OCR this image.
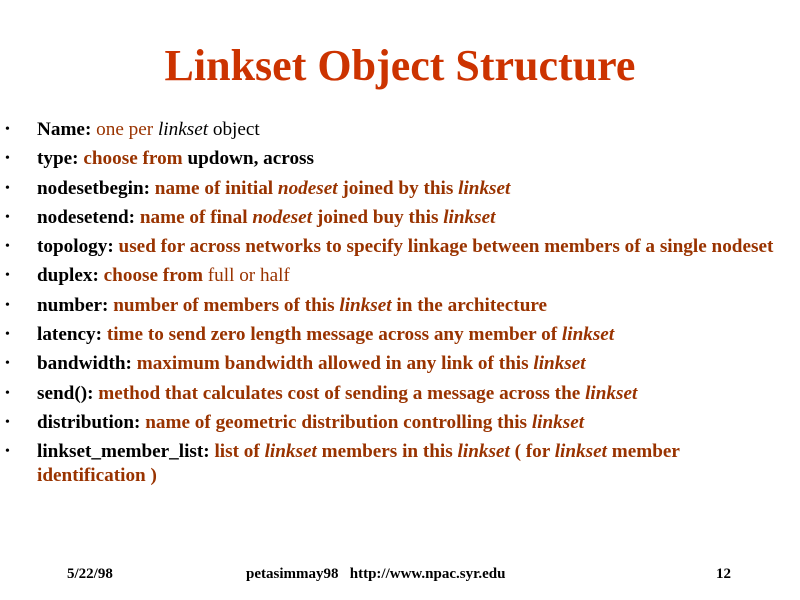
Linkset Object Structure
• Name: one per linkset object
• type: choose from updown, across
• nodesetbegin: name of initial nodeset joined by this linkset
• nodesetend: name of final nodeset joined buy this linkset
• topology: used for across networks to specify linkage between members of a single nodeset
• duplex: choose from full or half
• number: number of members of this linkset in the architecture
• latency: time to send zero length message across any member of linkset
• bandwidth: maximum bandwidth allowed in any link of this linkset
• send(): method that calculates cost of sending a message across the linkset
• distribution: name of geometric distribution controlling this linkset
• linkset_member_list: list of linkset members in this linkset ( for linkset member identification )
5/22/98	petasimmay98   http://www.npac.syr.edu	12
